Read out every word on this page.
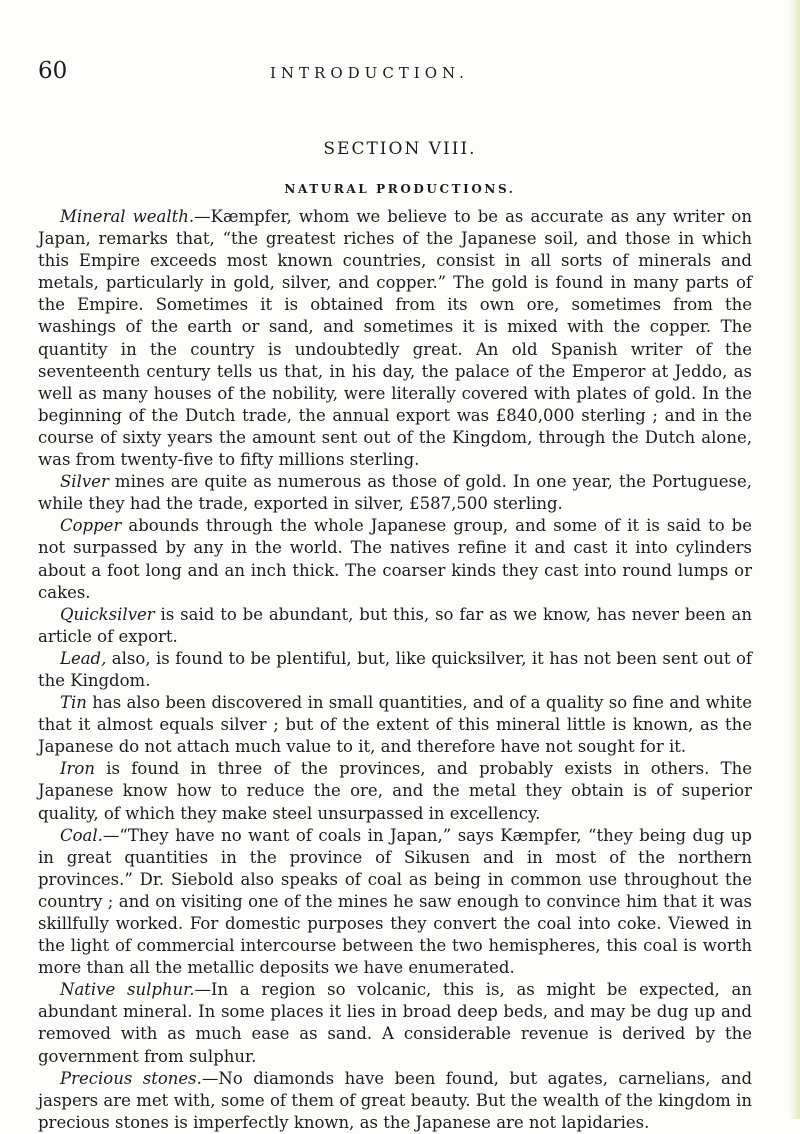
60	INTRODUCTION.
SECTION VIII.
NATURAL PRODUCTIONS.

Mineral wealth.—Kæmpfer, whom we believe to be as accurate as any writer on Japan, remarks that, “the greatest riches of the Japanese soil, and those in which this Empire exceeds most known countries, consist in all sorts of minerals and metals, particularly in gold, silver, and copper.” The gold is found in many parts of the Empire. Sometimes it is obtained from its own ore, sometimes from the washings of the earth or sand, and sometimes it is mixed with the copper. The quantity in the country is undoubtedly great. An old Spanish writer of the seventeenth century tells us that, in his day, the palace of the Emperor at Jeddo, as well as many houses of the nobility, were literally covered with plates of gold. In the beginning of the Dutch trade, the annual export was £840,000 sterling ; and in the course of sixty years the amount sent out of the Kingdom, through the Dutch alone, was from twenty-five to fifty millions sterling.

Silver mines are quite as numerous as those of gold. In one year, the Portuguese, while they had the trade, exported in silver, £587,500 sterling.

Copper abounds through the whole Japanese group, and some of it is said to be not surpassed by any in the world. The natives refine it and cast it into cylinders about a foot long and an inch thick. The coarser kinds they cast into round lumps or cakes.

Quicksilver is said to be abundant, but this, so far as we know, has never been an article of export.

Lead, also, is found to be plentiful, but, like quicksilver, it has not been sent out of the Kingdom.

Tin has also been discovered in small quantities, and of a quality so fine and white that it almost equals silver ; but of the extent of this mineral little is known, as the Japanese do not attach much value to it, and therefore have not sought for it.

Iron is found in three of the provinces, and probably exists in others. The Japanese know how to reduce the ore, and the metal they obtain is of superior quality, of which they make steel unsurpassed in excellency.

Coal.—“They have no want of coals in Japan,” says Kæmpfer, “they being dug up in great quantities in the province of Sikusen and in most of the northern provinces.” Dr. Siebold also speaks of coal as being in common use throughout the country ; and on visiting one of the mines he saw enough to convince him that it was skillfully worked. For domestic purposes they convert the coal into coke. Viewed in the light of commercial intercourse between the two hemispheres, this coal is worth more than all the metallic deposits we have enumerated.

Native sulphur.—In a region so volcanic, this is, as might be expected, an abundant mineral. In some places it lies in broad deep beds, and may be dug up and removed with as much ease as sand. A considerable revenue is derived by the government from sulphur.

Precious stones.—No diamonds have been found, but agates, carnelians, and jaspers are met with, some of them of great beauty. But the wealth of the kingdom in precious stones is imperfectly known, as the Japanese are not lapidaries.
